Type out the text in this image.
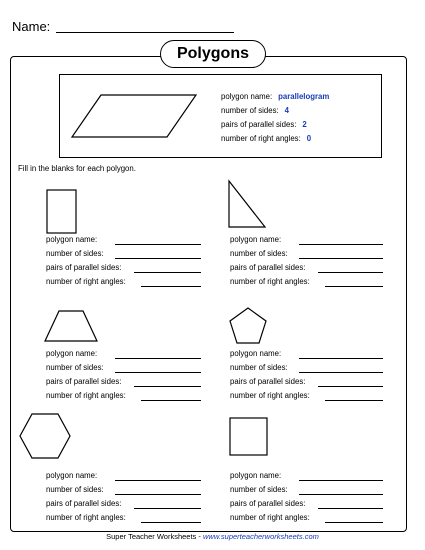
Name:
Polygons
polygon name: parallelogram
number of sides: 4
pairs of parallel sides: 2
number of right angles: 0
Fill in the blanks for each polygon.
polygon name:
number of sides:
pairs of parallel sides:
number of right angles:
polygon name:
number of sides:
pairs of parallel sides:
number of right angles:
polygon name:
number of sides:
pairs of parallel sides:
number of right angles:
polygon name:
number of sides:
pairs of parallel sides:
number of right angles:
polygon name:
number of sides:
pairs of parallel sides:
number of right angles:
polygon name:
number of sides:
pairs of parallel sides:
number of right angles:
Super Teacher Worksheets - www.superteacherworksheets.com
